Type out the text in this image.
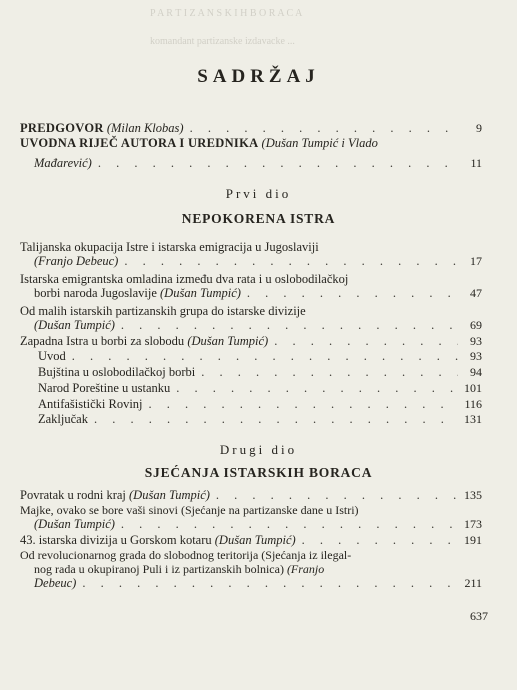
P A R T I Z A N S K I H B O R A C A
komandant partizanske izdavacke ...
SADRŽAJ
PREDGOVOR (Milan Klobas) . . .	9
UVODNA RIJEČ AUTORA I UREDNIKA (Dušan Tumpić i Vlado
Mađarević) . . .	11
Prvi dio
NEPOKORENA ISTRA
Talijanska okupacija Istre i istarska emigracija u Jugoslaviji
(Franjo Debeuc) . . .	17
Istarska emigrantska omladina između dva rata i u oslobodilačkoj
borbi naroda Jugoslavije (Dušan Tumpić) . . .	47
Od malih istarskih partizanskih grupa do istarske divizije
(Dušan Tumpić) . . .	69
Zapadna Istra u borbi za slobodu (Dušan Tumpić) . . .	93
Uvod . . .	93
Bujština u oslobodilačkoj borbi . . .	94
Narod Poreštine u ustanku . . .	101
Antifašistički Rovinj . . .	116
Zaključak . . .	131
Drugi dio
SJEĆANJA ISTARSKIH BORACA
Povratak u rodni kraj (Dušan Tumpić) . . .	135
Majke, ovako se bore vaši sinovi (Sjećanje na partizanske dane u Istri)
(Dušan Tumpić) . . .	173
43. istarska divizija u Gorskom kotaru (Dušan Tumpić) . . .	191
Od revolucionarnog grada do slobodnog teritorija (Sjećanja iz ilegal-
nog rada u okupiranoj Puli i iz partizanskih bolnica) (Franjo
Debeuc) . . .	211
637
